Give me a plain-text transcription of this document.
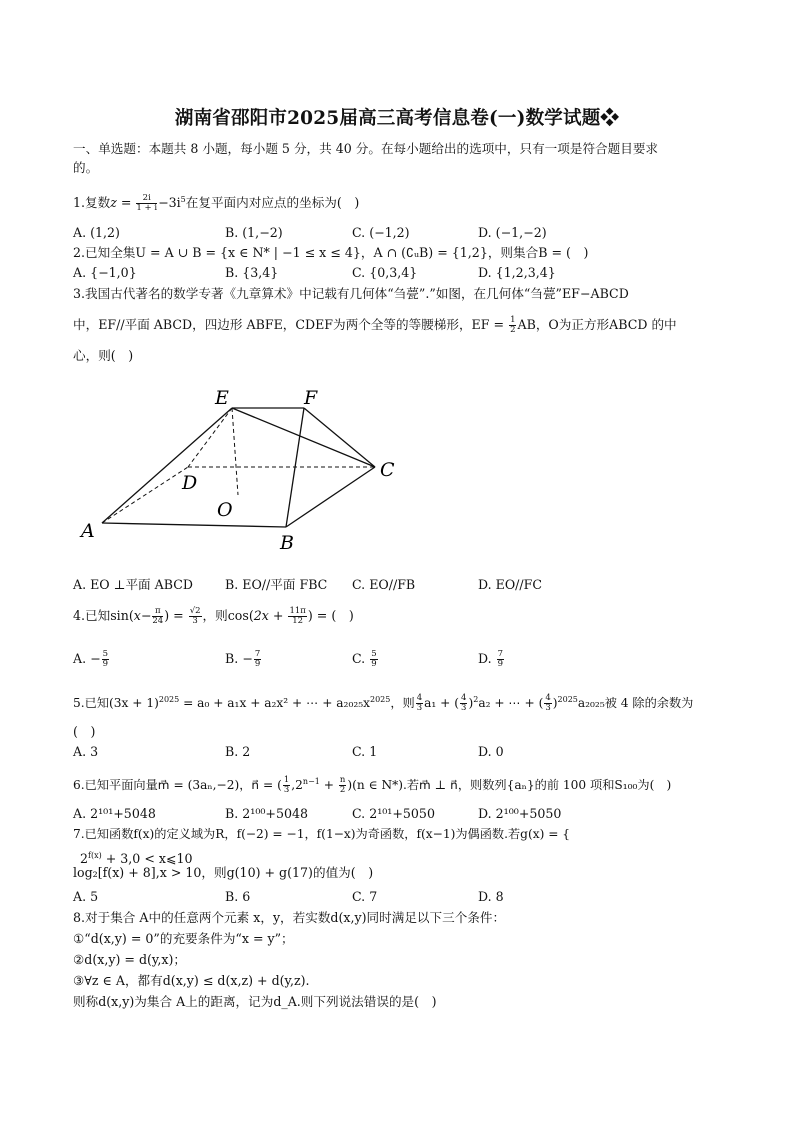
湖南省邵阳市2025届高三高考信息卷(一)数学试题❖
一、单选题：本题共 8 小题，每小题 5 分，共 40 分。在每小题给出的选项中，只有一项是符合题目要求
的。
1.复数$z = \frac{2i}{1 + i} -3i^5$在复平面内对应点的坐标为(　)
A. (1,2)	B. (1,−2)	C. (−1,2)	D. (−1,−2)
2.已知全集U = A ∪ B = {x ∈ N* | −1 ≤ x ≤ 4}，A ∩ (∁ᵤB) = {1,2}，则集合B = (　)
A. {−1,0}	B. {3,4}	C. {0,3,4}	D. {1,2,3,4}
3.我国古代著名的数学专著《九章算术》中记载有几何体“刍甍”.”如图，在几何体“刍甍”EF−ABCD
中，EF//平面 ABCD，四边形 ABFE，CDEF为两个全等的等腰梯形，EF = $\frac{1}{2}$ AB，O为正方形ABCD 的中
心，则(　)
E	F
D
C
O
A
B
A. EO ⊥平面 ABCD	B. EO//平面 FBC C. EO//FB	D. EO//FC
4.已知$\sin(x- \frac{\pi}{24}$ ) = $\frac{√2}{3}$ ，则$\cos(2x + \frac{11\pi}{12}$ ) = (　)
A. − $\frac{5}{9}$	B. − $\frac{7}{9}$	C. $\frac{5}{9}$	D. $\frac{7}{9}$
5.已知$(3x + 1)^{2025} = a_0 + a_1x + a_2x^2$ + ⋯ + $a_{2025}x^{2025}$，则 $\frac{4}{3} a_1$ + ( $\frac{4}{3} )^2a_2$ + ⋯ + ( $\frac{4}{3} )^{2025}a_{2025}$被 4 除的余数为
(　)
A. 3	B. 2	C. 1	D. 0
6.已知平面向量m⃗ = (3aₙ,−2)，n⃗ = ( $\frac{1}{3} ,2^{n-1} + \frac{n}{2} )(n$ ∈ N*).若m⃗ ⊥ n⃗，则数列{aₙ}的前 100 项和S₁₀₀为(　)
A. 2¹⁰¹+5048	B. 2¹⁰⁰+5048	C. 2¹⁰¹+5050	D. 2¹⁰⁰+5050
7.已知函数f(x)的定义域为R，f(−2) = −1，f(1−x)为奇函数，f(x−1)为偶函数.若g(x) = {
$2^{f(x)} + 3,0$ < x⩽10
log₂[f(x) + 8],x > 10，则g(10) + g(17)的值为(　)
A. 5	B. 6	C. 7	D. 8
8.对于集合 A中的任意两个元素 x，y，若实数d(x,y)同时满足以下三个条件：
①“d(x,y) = 0”的充要条件为“x = y”；
②d(x,y) = d(y,x)；
③∀z ∈ A，都有d(x,y) ≤ d(x,z) + d(y,z).
则称d(x,y)为集合 A上的距离，记为d_A.则下列说法错误的是(　)
